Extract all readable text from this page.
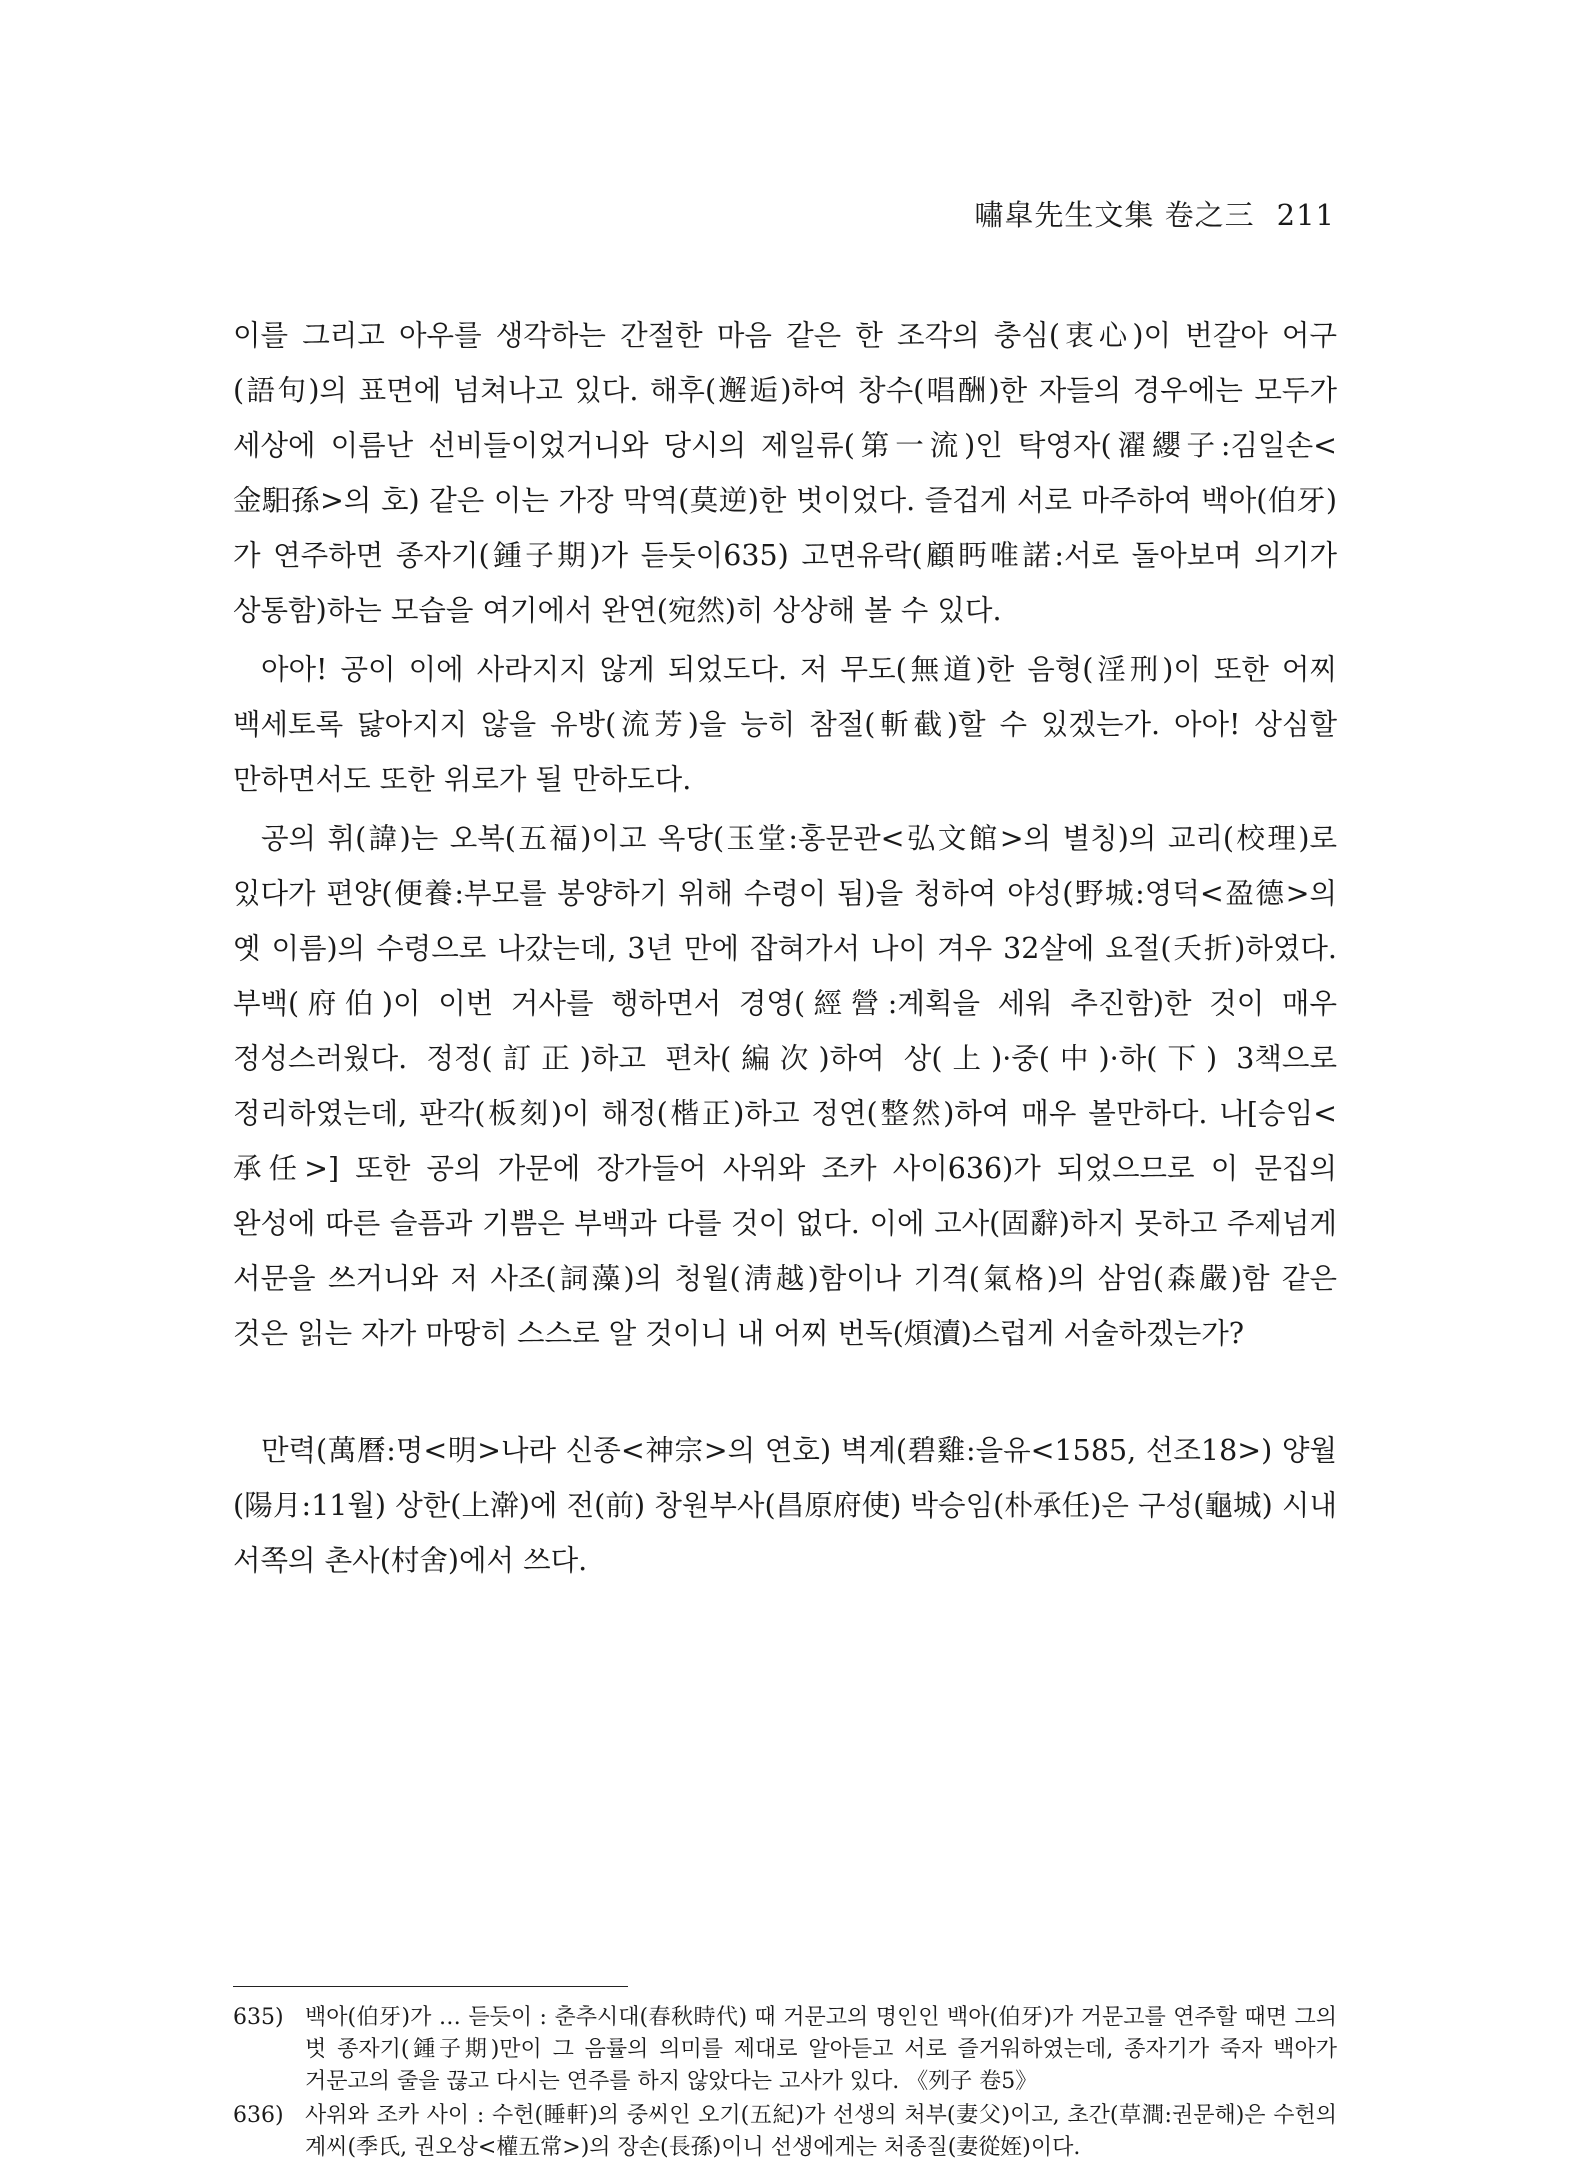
嘯皐先生文集 卷之三 211

이를 그리고 아우를 생각하는 간절한 마음 같은 한 조각의 충심(衷心)이 번갈아 어구(語句)의 표면에 넘쳐나고 있다. 해후(邂逅)하여 창수(唱酬)한 자들의 경우에는 모두가 세상에 이름난 선비들이었거니와 당시의 제일류(第一流)인 탁영자(濯纓子:김일손<金馹孫>의 호) 같은 이는 가장 막역(莫逆)한 벗이었다. 즐겁게 서로 마주하여 백아(伯牙)가 연주하면 종자기(鍾子期)가 듣듯이635) 고면유락(顧眄唯諾:서로 돌아보며 의기가 상통함)하는 모습을 여기에서 완연(宛然)히 상상해 볼 수 있다.

아아! 공이 이에 사라지지 않게 되었도다. 저 무도(無道)한 음형(淫刑)이 또한 어찌 백세토록 닳아지지 않을 유방(流芳)을 능히 참절(斬截)할 수 있겠는가. 아아! 상심할 만하면서도 또한 위로가 될 만하도다.

공의 휘(諱)는 오복(五福)이고 옥당(玉堂:홍문관<弘文館>의 별칭)의 교리(校理)로 있다가 편양(便養:부모를 봉양하기 위해 수령이 됨)을 청하여 야성(野城:영덕<盈德>의 옛 이름)의 수령으로 나갔는데, 3년 만에 잡혀가서 나이 겨우 32살에 요절(夭折)하였다. 부백(府伯)이 이번 거사를 행하면서 경영(經營:계획을 세워 추진함)한 것이 매우 정성스러웠다. 정정(訂正)하고 편차(編次)하여 상(上)·중(中)·하(下) 3책으로 정리하였는데, 판각(板刻)이 해정(楷正)하고 정연(整然)하여 매우 볼만하다. 나[승임<承任>] 또한 공의 가문에 장가들어 사위와 조카 사이636)가 되었으므로 이 문집의 완성에 따른 슬픔과 기쁨은 부백과 다를 것이 없다. 이에 고사(固辭)하지 못하고 주제넘게 서문을 쓰거니와 저 사조(詞藻)의 청월(淸越)함이나 기격(氣格)의 삼엄(森嚴)함 같은 것은 읽는 자가 마땅히 스스로 알 것이니 내 어찌 번독(煩瀆)스럽게 서술하겠는가?

만력(萬曆:명<明>나라 신종<神宗>의 연호) 벽계(碧雞:을유<1585, 선조18>) 양월(陽月:11월) 상한(上澣)에 전(前) 창원부사(昌原府使) 박승임(朴承任)은 구성(龜城) 시내 서쪽의 촌사(村舍)에서 쓰다.

635) 백아(伯牙)가 … 듣듯이 : 춘추시대(春秋時代) 때 거문고의 명인인 백아(伯牙)가 거문고를 연주할 때면 그의 벗 종자기(鍾子期)만이 그 음률의 의미를 제대로 알아듣고 서로 즐거워하였는데, 종자기가 죽자 백아가 거문고의 줄을 끊고 다시는 연주를 하지 않았다는 고사가 있다. 《列子 卷5》
636) 사위와 조카 사이 : 수헌(睡軒)의 중씨인 오기(五紀)가 선생의 처부(妻父)이고, 초간(草澗:권문해)은 수헌의 계씨(季氏, 권오상<權五常>)의 장손(長孫)이니 선생에게는 처종질(妻從姪)이다.
